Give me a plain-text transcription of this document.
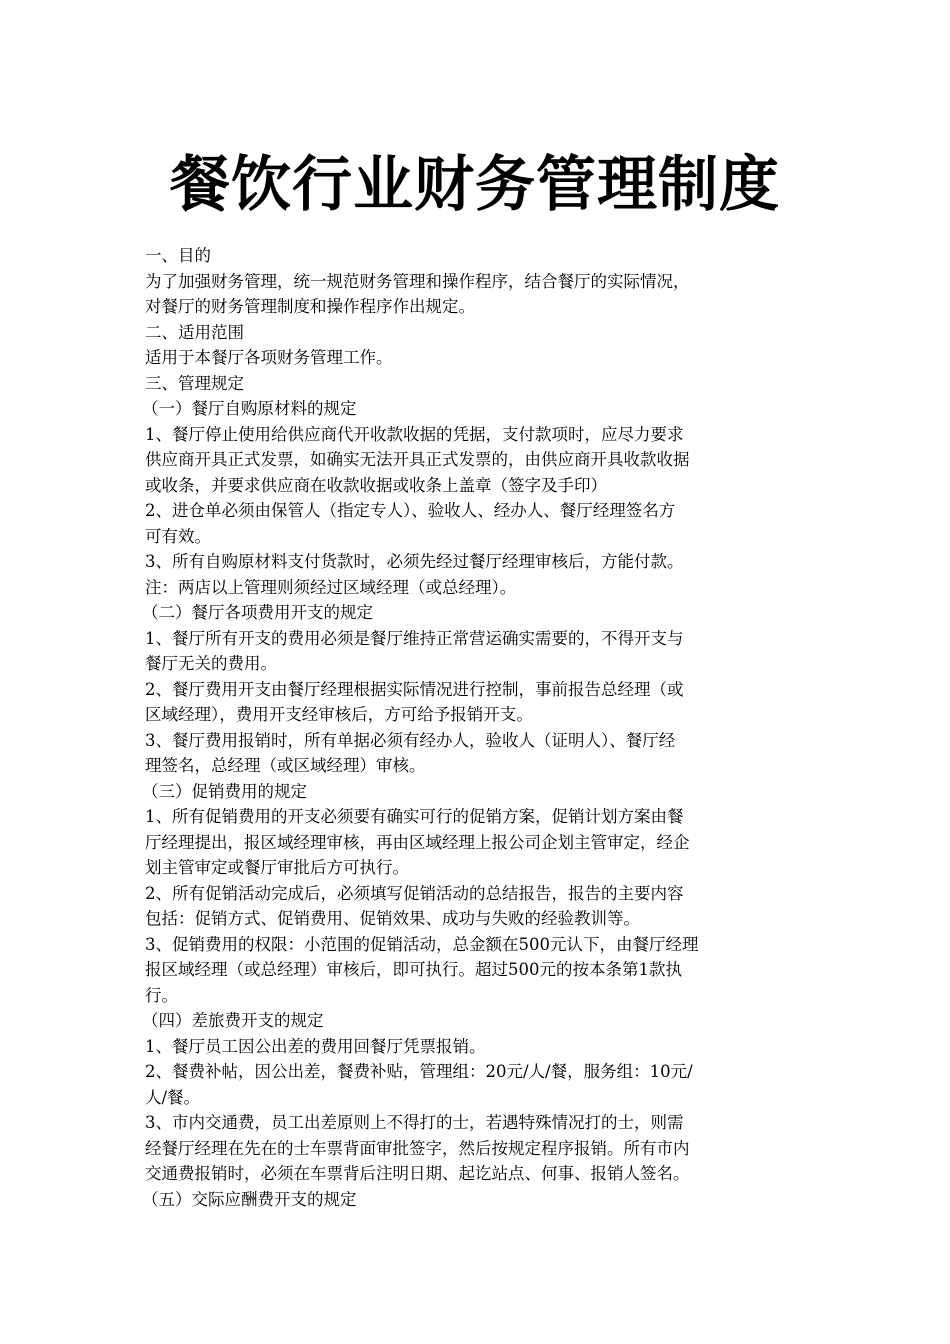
餐饮行业财务管理制度

一、目的

为了加强财务管理，统一规范财务管理和操作程序，结合餐厅的实际情况，

对餐厅的财务管理制度和操作程序作出规定。

二、适用范围

适用于本餐厅各项财务管理工作。

三、管理规定

（一）餐厅自购原材料的规定

1、餐厅停止使用给供应商代开收款收据的凭据，支付款项时，应尽力要求

供应商开具正式发票，如确实无法开具正式发票的，由供应商开具收款收据

或收条，并要求供应商在收款收据或收条上盖章（签字及手印）

2、进仓单必须由保管人（指定专人）、验收人、经办人、餐厅经理签名方

可有效。

3、所有自购原材料支付货款时，必须先经过餐厅经理审核后，方能付款。

注：两店以上管理则须经过区域经理（或总经理）。

（二）餐厅各项费用开支的规定

1、餐厅所有开支的费用必须是餐厅维持正常营运确实需要的，不得开支与

餐厅无关的费用。

2、餐厅费用开支由餐厅经理根据实际情况进行控制，事前报告总经理（或

区域经理），费用开支经审核后，方可给予报销开支。

3、餐厅费用报销时，所有单据必须有经办人，验收人（证明人）、餐厅经

理签名，总经理（或区域经理）审核。

（三）促销费用的规定

1、所有促销费用的开支必须要有确实可行的促销方案，促销计划方案由餐

厅经理提出，报区域经理审核，再由区域经理上报公司企划主管审定，经企

划主管审定或餐厅审批后方可执行。

2、所有促销活动完成后，必须填写促销活动的总结报告，报告的主要内容

包括：促销方式、促销费用、促销效果、成功与失败的经验教训等。

3、促销费用的权限：小范围的促销活动，总金额在500元认下，由餐厅经理

报区域经理（或总经理）审核后，即可执行。超过500元的按本条第1款执

行。

（四）差旅费开支的规定

1、餐厅员工因公出差的费用回餐厅凭票报销。

2、餐费补帖，因公出差，餐费补贴，管理组：20元/人/餐，服务组：10元/

人/餐。

3、市内交通费，员工出差原则上不得打的士，若遇特殊情况打的士，则需

经餐厅经理在先在的士车票背面审批签字，然后按规定程序报销。所有市内

交通费报销时，必须在车票背后注明日期、起讫站点、何事、报销人签名。

（五）交际应酬费开支的规定
